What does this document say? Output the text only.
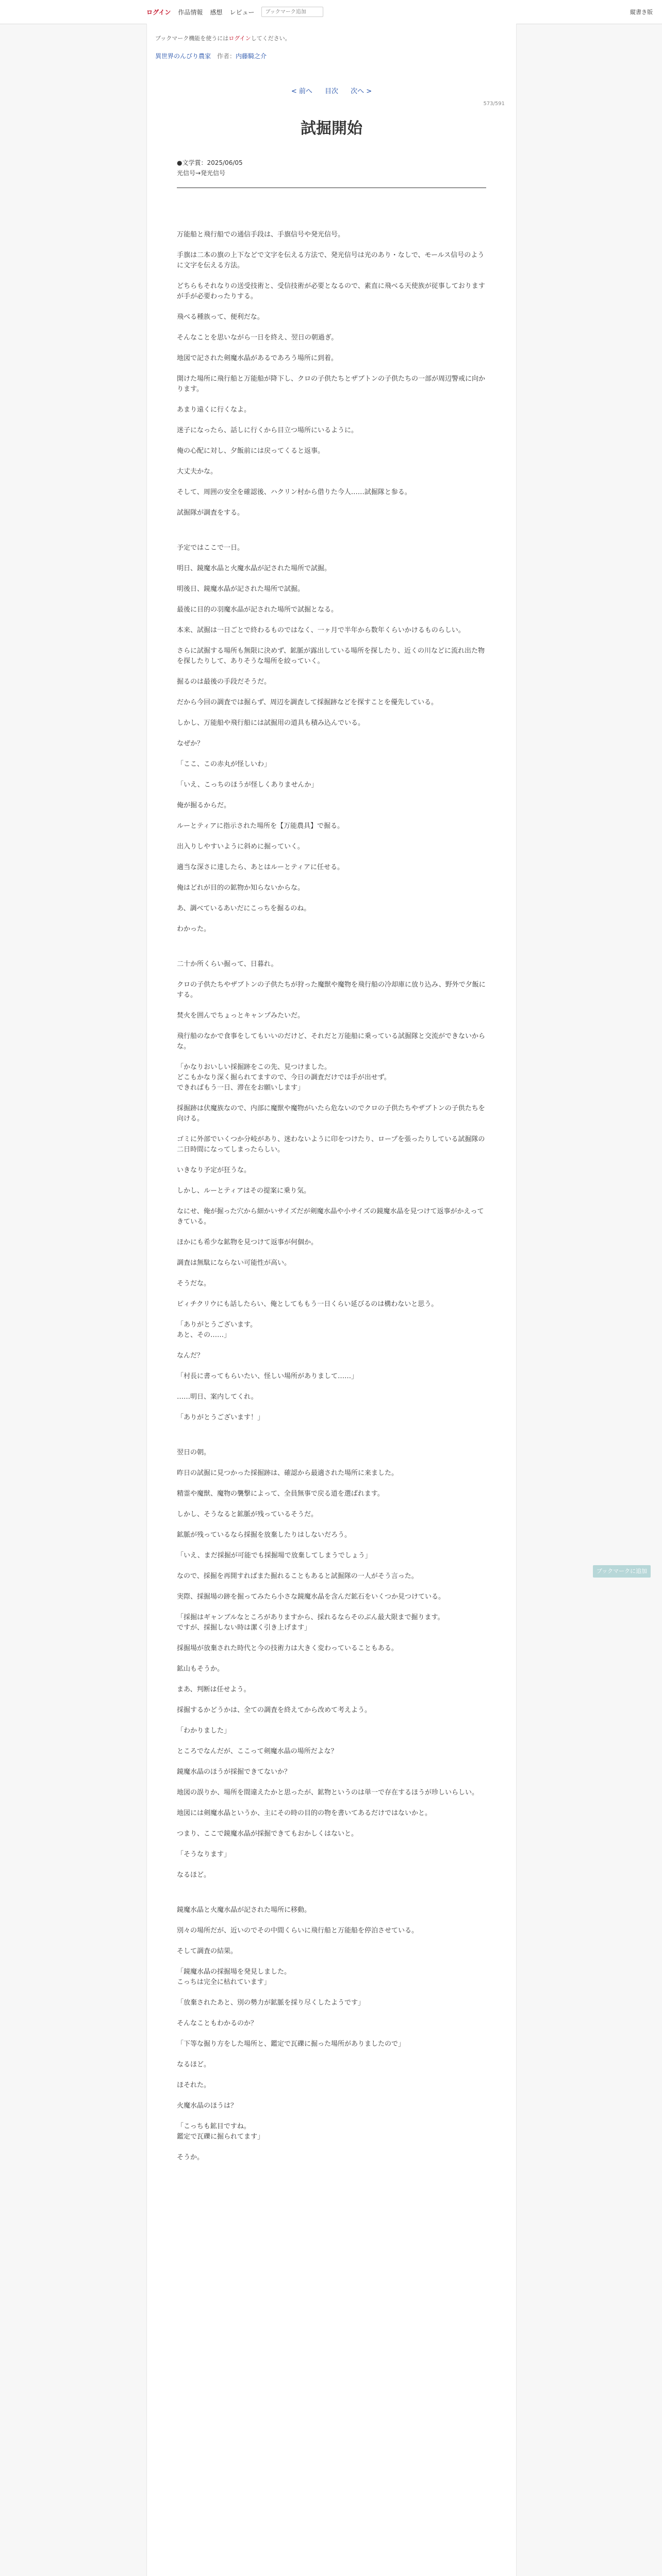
ログイン 作品情報 感想 レビュー
ブックマーク追加	縦書き版
ブックマーク機能を使うにはログインしてください。
異世界のんびり農家 作者：内藤騎之介
< 前へ 目次 次へ >
573/591
試掘開始
●文学賞：2025/06/05
光信号→発光信号

万能船と飛行船での通信手段は、手旗信号や発光信号。

手旗は二本の旗の上下などで文字を伝える方法で、発光信号は光のあり・なしで、モールス信号のように文字を伝える方法。

どちらもそれなりの送受技術と、受信技術が必要となるので、素直に飛べる天使族が従事しておりますが手が必要わったりする。

飛べる種族って、便利だな。

そんなことを思いながら一日を終え、翌日の朝過ぎ。

地図で記された剣魔水晶があるであろう場所に到着。

開けた場所に飛行船と万能船が降下し、クロの子供たちとザブトンの子供たちの一部が周辺警戒に向かります。

あまり遠くに行くなよ。

迷子になったら、話しに行くから目立つ場所にいるように。

俺の心配に対し、夕飯前には戻ってくると返事。

大丈夫かな。

そして、周囲の安全を確認後、ハクリン村から借りた今人……試掘隊と参る。

試掘隊が調査をする。

予定ではここで一日。

明日、鏡魔水晶と火魔水晶が記された場所で試掘。

明後日、鏡魔水晶が記された場所で試掘。

最後に目的の羽魔水晶が記された場所で試掘となる。

本来、試掘は一日ごとで終わるものではなく、一ヶ月で半年から数年くらいかけるものらしい。

さらに試掘する場所も無限に決めず、鉱脈が露出している場所を探したり、近くの川などに流れ出た物を探したりして、ありそうな場所を絞っていく。

掘るのは最後の手段だそうだ。

だから今回の調査では掘らず、周辺を調査して採掘跡などを探すことを優先している。

しかし、万能船や飛行船には試掘用の道具も積み込んでいる。

なぜか？

「ここ、この赤丸が怪しいわ」

「いえ、こっちのほうが怪しくありませんか」

俺が掘るからだ。

ルーとティアに指示された場所を【万能農具】で掘る。

出入りしやすいように斜めに掘っていく。

適当な深さに達したら、あとはルーとティアに任せる。

俺はどれが目的の鉱物か知らないからな。

あ、調べているあいだにこっちを掘るのね。

わかった。

二十か所くらい掘って、日暮れ。

クロの子供たちやザブトンの子供たちが狩った魔獣や魔物を飛行船の冷却庫に放り込み、野外で夕飯にする。

焚火を囲んでちょっとキャンプみたいだ。

飛行船のなかで食事をしてもいいのだけど、それだと万能船に乗っている試掘隊と交流ができないからな。

「かなりおいしい採掘跡をこの先、見つけました。
どこもかなり深く掘られてますので、今日の調査だけでは手が出せず。
できればもう一日、滞在をお願いします」

採掘跡は伏魔族なので、内部に魔獣や魔物がいたら危ないのでクロの子供たちやザブトンの子供たちを向ける。

ゴミに外部でいくつか分岐があり、迷わないように印をつけたり、ロープを張ったりしている試掘隊の二日時間になってしまったらしい。

いきなり予定が狂うな。

しかし、ルーとティアはその提案に乗り気。

なにせ、俺が掘った穴から細かいサイズだが剣魔水晶や小サイズの鏡魔水晶を見つけて返事がかえってきている。

ほかにも希少な鉱物を見つけて返事が何個か。

調査は無駄にならない可能性が高い。

そうだな。

ピィチクリウにも話したらい、俺としてももう一日くらい延びるのは構わないと思う。

「ありがとうございます。
あと、その……」

なんだ？

「村長に書ってもらいたい、怪しい場所がありまして……」

……明日、案内してくれ。

「ありがとうございます！」

翌日の朝。

昨日の試掘に見つかった採掘跡は、確認から最適された場所に来ました。

精霊や魔獣、魔物の襲撃によって、全員無事で戻る道を選ばれます。

しかし、そうなると鉱脈が残っているそうだ。

鉱脈が残っているなら採掘を放棄したりはしないだろう。

「いえ、まだ採掘が可能でも採掘場で放棄してしまうでしょう」

なので、採掘を再開すればまた掘れることもあると試掘隊の一人がそう言った。

実際、採掘場の跡を掘ってみたら小さな鏡魔水晶を含んだ鉱石をいくつか見つけている。

「採掘はギャンブルなところがありますから、採れるならそのぶん最大限まで掘ります。
ですが、採掘しない時は潔く引き上げます」

採掘場が放棄された時代と今の技術力は大きく変わっていることもある。

鉱山もそうか。

まあ、判断は任せよう。

採掘するかどうかは、全ての調査を終えてから改めて考えよう。

「わかりました」

ところでなんだが、ここって剣魔水晶の場所だよな？

鏡魔水晶のほうが採掘できてないか？

地図の誤りか、場所を間違えたかと思ったが、鉱物というのは単一で存在するほうが珍しいらしい。

地図には剣魔水晶というか、主にその時の目的の物を書いてあるだけではないかと。

つまり、ここで鏡魔水晶が採掘できてもおかしくはないと。

「そうなります」

なるほど。

鏡魔水晶と火魔水晶が記された場所に移動。

別々の場所だが、近いのでその中間くらいに飛行船と万能船を停泊させている。

そして調査の結果。

「鏡魔水晶の採掘場を発見しました。
こっちは完全に枯れています」

「放棄されたあと、別の勢力が鉱脈を採り尽くしたようです」

そんなこともわかるのか？

「下等な掘り方をした場所と、鑑定で瓦礫に掘った場所がありましたので」

なるほど。

ほそれた。

火魔水晶のほうは？

「こっちも鉱目ですね。
鑑定で瓦礫に掘られてます」

そうか。

ブックマークに追加
